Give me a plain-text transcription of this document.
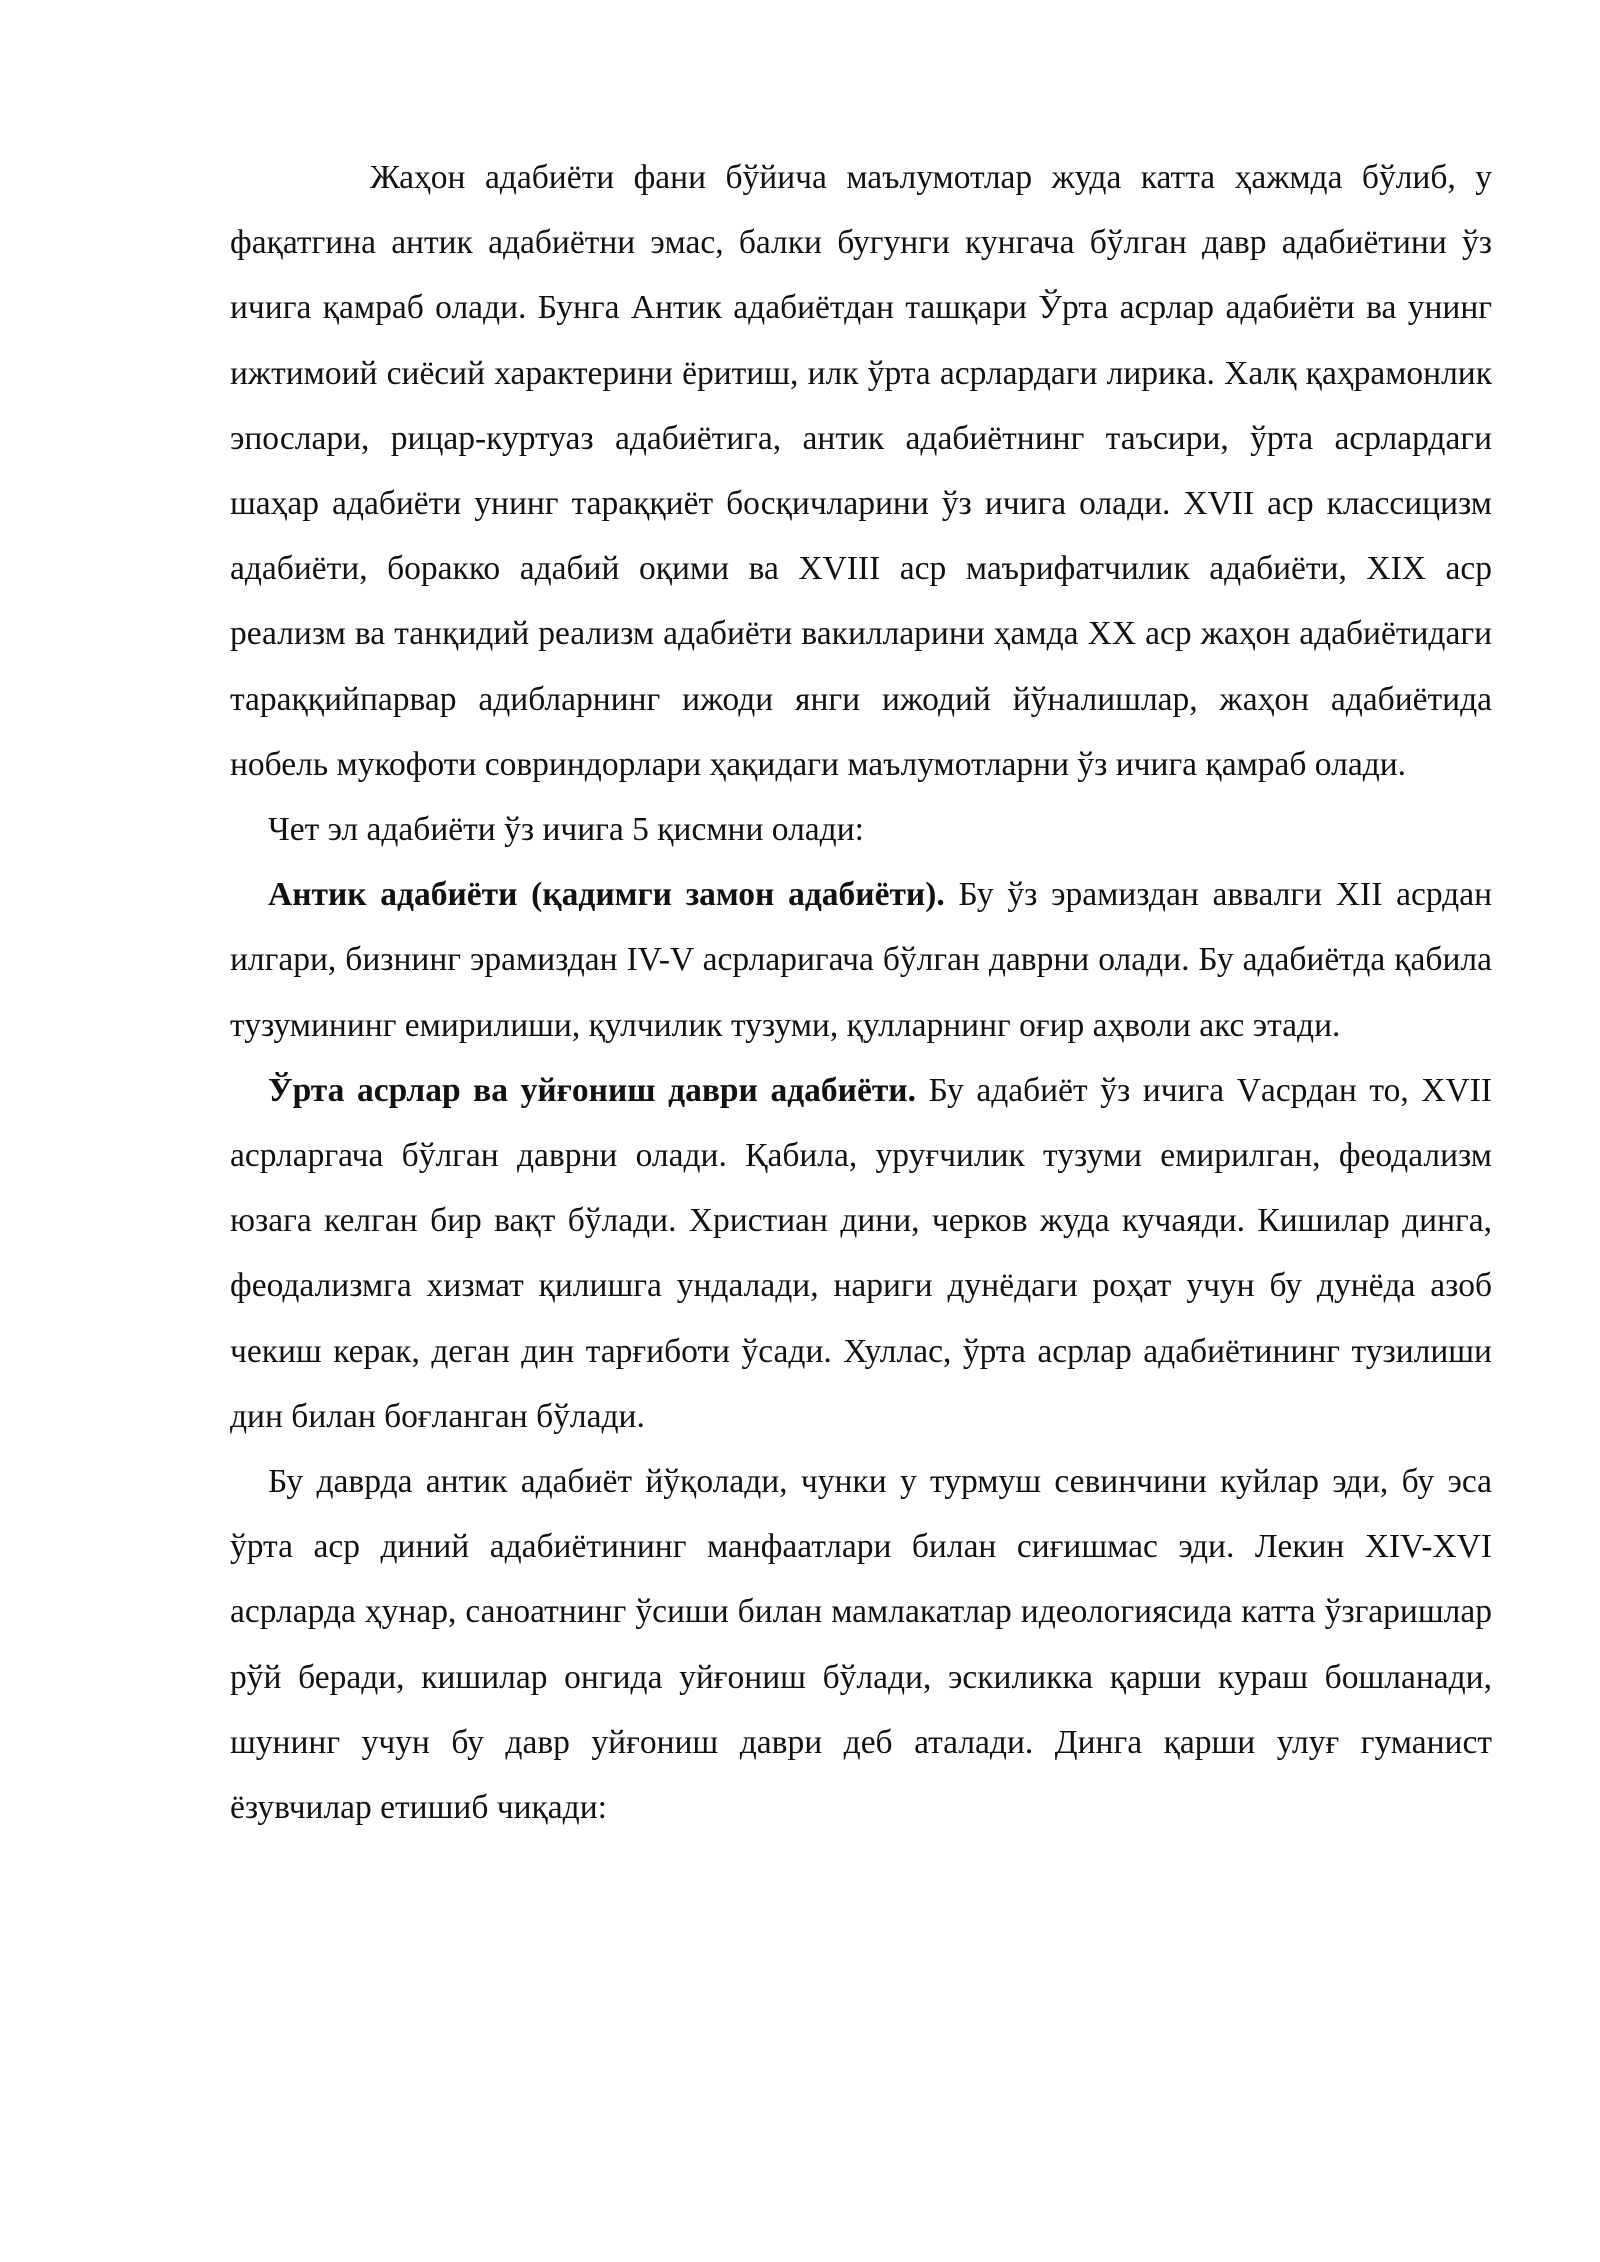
Жаҳон адабиёти фани бўйича маълумотлар жуда катта ҳажмда бўлиб, у фақатгина антик адабиётни эмас, балки бугунги кунгача бўлган давр адабиётини ўз ичига қамраб олади. Бунга Антик адабиётдан ташқари Ўрта асрлар адабиёти ва унинг ижтимоий сиёсий характерини ёритиш, илк ўрта асрлардаги лирика. Халқ қаҳрамонлик эпослари, рицар-куртуаз адабиётига, антик адабиётнинг таъсири, ўрта асрлардаги шаҳар адабиёти унинг тараққиёт босқичларини ўз ичига олади. XVII аср классицизм адабиёти, боракко адабий оқими ва XVIII аср маърифатчилик адабиёти, XIX аср реализм ва танқидий реализм адабиёти вакилларини ҳамда XX аср жаҳон адабиётидаги тараққийпарвар адибларнинг ижоди янги ижодий йўналишлар, жаҳон адабиётида нобель мукофоти совриндорлари ҳақидаги маълумотларни ўз ичига қамраб олади.

Чет эл адабиёти ўз ичига 5 қисмни олади:

Антик адабиёти (қадимги замон адабиёти). Бу ўз эрамиздан аввалги XII асрдан илгари, бизнинг эрамиздан IV-V асрларигача бўлган даврни олади. Бу адабиётда қабила тузумининг емирилиши, қулчилик тузуми, қулларнинг оғир аҳволи акс этади.

Ўрта асрлар ва уйғониш даври адабиёти. Бу адабиёт ўз ичига Vасрдан то, XVII асрларгача бўлган даврни олади. Қабила, уруғчилик тузуми емирилган, феодализм юзага келган бир вақт бўлади. Христиан дини, черков жуда кучаяди. Кишилар динга, феодализмга хизмат қилишга ундалади, нариги дунёдаги роҳат учун бу дунёда азоб чекиш керак, деган дин тарғиботи ўсади. Хуллас, ўрта асрлар адабиётининг тузилиши дин билан боғланган бўлади.

Бу даврда антик адабиёт йўқолади, чунки у турмуш севинчини куйлар эди, бу эса ўрта аср диний адабиётининг манфаатлари билан сиғишмас эди. Лекин XIV-XVI асрларда ҳунар, саноатнинг ўсиши билан мамлакатлар идеологиясида катта ўзгаришлар рўй беради, кишилар онгида уйғониш бўлади, эскиликка қарши кураш бошланади, шунинг учун бу давр уйғониш даври деб аталади. Динга қарши улуғ гуманист ёзувчилар етишиб чиқади:
